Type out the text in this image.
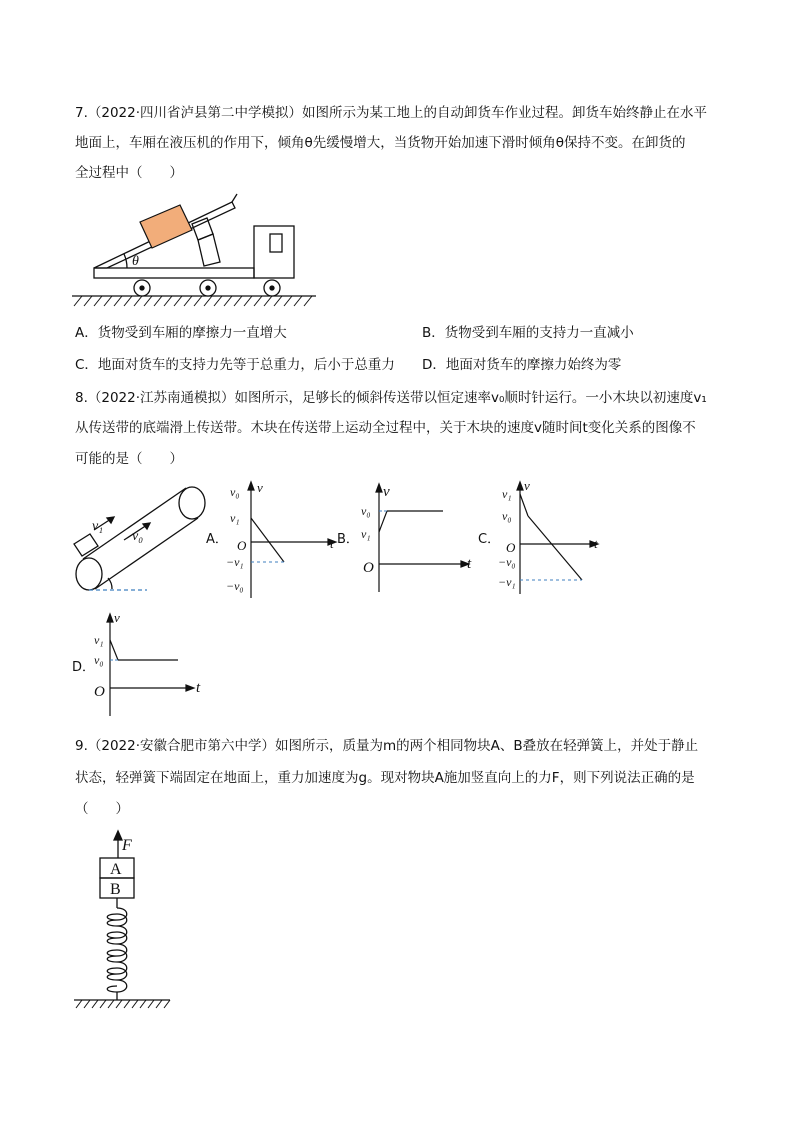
7.（2022·四川省泸县第二中学模拟）如图所示为某工地上的自动卸货车作业过程。卸货车始终静止在水平
地面上，车厢在液压机的作用下，倾角θ先缓慢增大，当货物开始加速下滑时倾角θ保持不变。在卸货的
全过程中（　　）
θ
A．货物受到车厢的摩擦力一直增大	B．货物受到车厢的支持力一直减小
C．地面对货车的支持力先等于总重力，后小于总重力 D．地面对货车的摩擦力始终为零
8.（2022·江苏南通模拟）如图所示，足够长的倾斜传送带以恒定速率v₀顺时针运行。一小木块以初速度v₁
从传送带的底端滑上传送带。木块在传送带上运动全过程中，关于木块的速度v随时间t变化关系的图像不
可能的是（　　）
v₁
v₀	A．
v
v₀
v₁
O	t
−v₁
−v₀
B．
v
v₀
v₁
O	t
C．
v
v₁
v₀
O	t
−v₀
−v₁
D．
v
v₁
v₀
O	t
9.（2022·安徽合肥市第六中学）如图所示，质量为m的两个相同物块A、B叠放在轻弹簧上，并处于静止
状态，轻弹簧下端固定在地面上，重力加速度为g。现对物块A施加竖直向上的力F，则下列说法正确的是
（　　）
F
A
B
